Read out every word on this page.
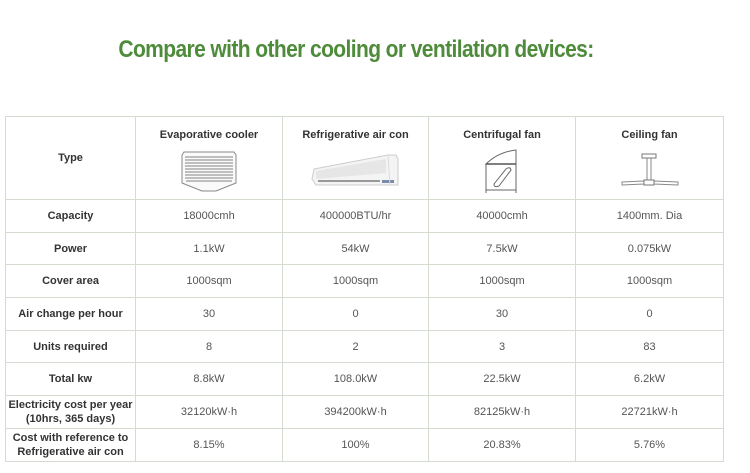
Compare with other cooling or ventilation devices:
Type	Evaporative cooler	Refrigerative air con	Centrifugal fan	Ceiling fan

Capacity	18000cmh	400000BTU/hr	40000cmh	1400mm. Dia
Power	1.1kW	54kW	7.5kW	0.075kW
Cover area	1000sqm	1000sqm	1000sqm	1000sqm
Air change per hour	30	0	30	0
Units required	8	2	3	83
Total kw	8.8kW	108.0kW	22.5kW	6.2kW

Electricity cost per year
(10hrs, 365 days)	32120kW·h	394200kW·h	82125kW·h	22721kW·h

Cost with reference to
Refrigerative air con	8.15%	100%	20.83%	5.76%
